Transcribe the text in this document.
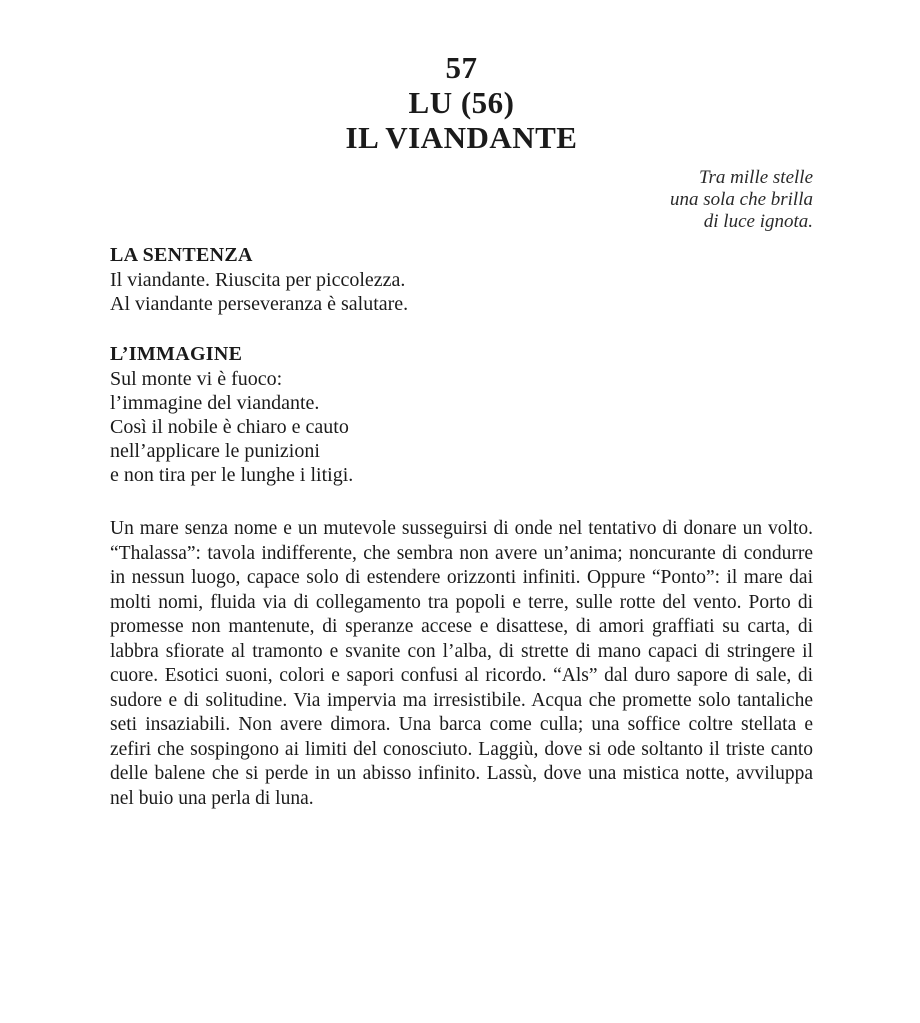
57
LU (56)
IL VIANDANTE
Tra mille stelle
una sola che brilla
di luce ignota.
LA SENTENZA
Il viandante. Riuscita per piccolezza.
Al viandante perseveranza è salutare.
L’IMMAGINE
Sul monte vi è fuoco:
l’immagine del viandante.
Così il nobile è chiaro e cauto
nell’applicare le punizioni
e non tira per le lunghe i litigi.

Un mare senza nome e un mutevole susseguirsi di onde nel tentativo di donare un volto. “Thalassa”: tavola indifferente, che sembra non avere un’anima; noncurante di condurre in nessun luogo, capace solo di estendere orizzonti infiniti. Oppure “Ponto”: il mare dai molti nomi, fluida via di collegamento tra popoli e terre, sulle rotte del vento. Porto di promesse non mantenute, di speranze accese e disattese, di amori graffiati su carta, di labbra sfiorate al tramonto e svanite con l’alba, di strette di mano capaci di stringere il cuore. Esotici suoni, colori e sapori confusi al ricordo. “Als” dal duro sapore di sale, di sudore e di solitudine. Via impervia ma irresistibile. Acqua che promette solo tantaliche seti insaziabili. Non avere dimora. Una barca come culla; una soffice coltre stellata e zefiri che sospingono ai limiti del conosciuto. Laggiù, dove si ode soltanto il triste canto delle balene che si perde in un abisso infinito. Lassù, dove una mistica notte, avviluppa nel buio una perla di luna.
